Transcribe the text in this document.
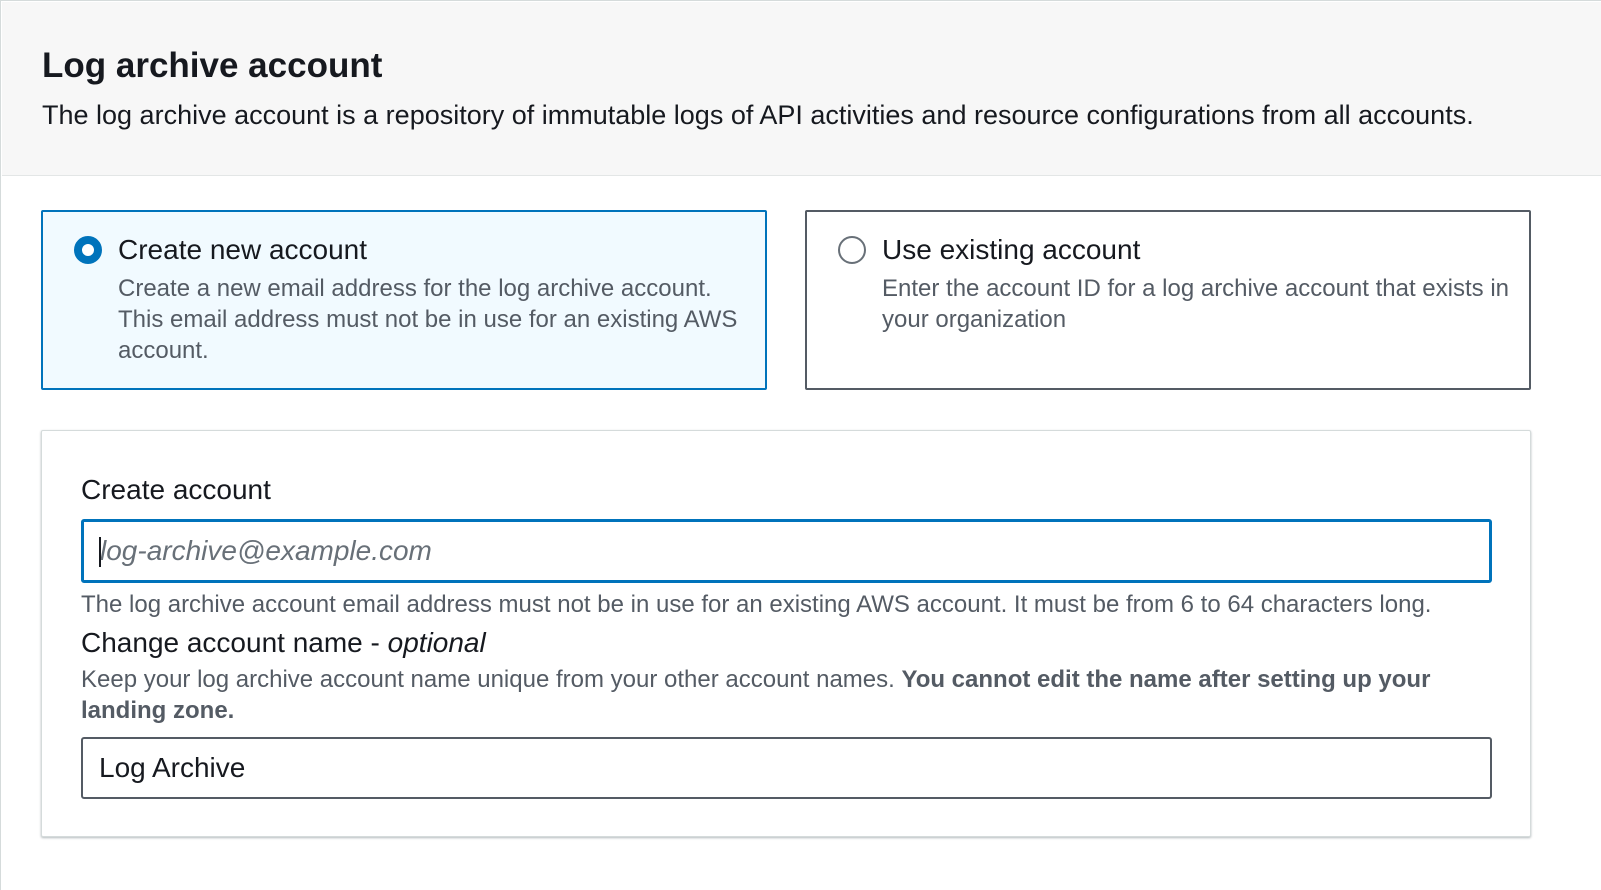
Log archive account
The log archive account is a repository of immutable logs of API activities and resource configurations from all accounts.
Create new account
Create a new email address for the log archive account. This email address must not be in use for an existing AWS account.
Use existing account
Enter the account ID for a log archive account that exists in your organization
Create account
log-archive@example.com
The log archive account email address must not be in use for an existing AWS account. It must be from 6 to 64 characters long.
Change account name - optional
Keep your log archive account name unique from your other account names. You cannot edit the name after setting up your landing zone.
Log Archive
